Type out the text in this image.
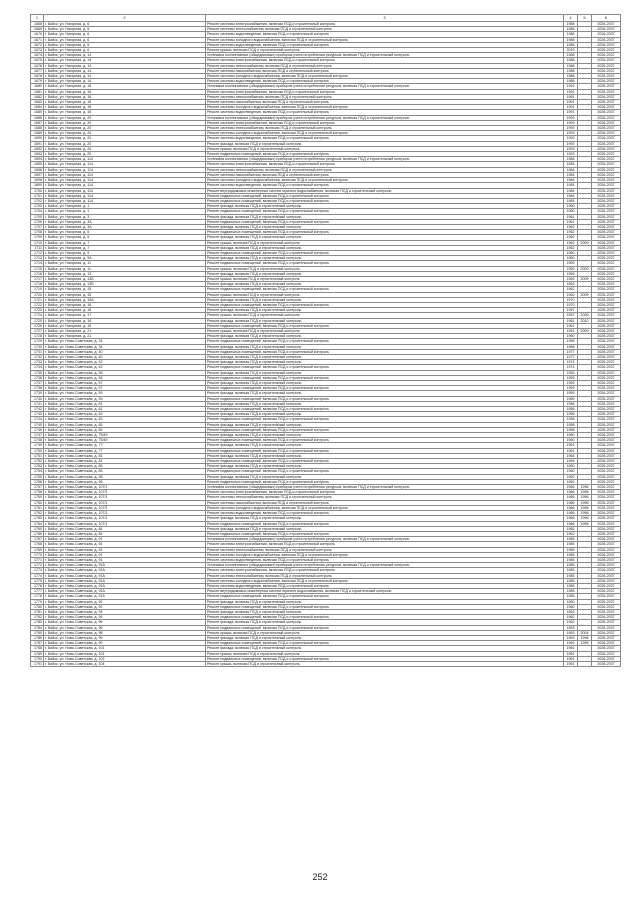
1	2	3	4	5	6	
1668	г. Бийск, ул. Нагорная, д. 6	Ремонт системы электроснабжения, включая ПСД и строительный контроль	1988		2026-2037	
1669	г. Бийск, ул. Нагорная, д. 6	Ремонт системы теплоснабжения, включая ПСД и строительный контроль	1988		2026-2037	
1670	г. Бийск, ул. Нагорная, д. 6	Ремонт системы водоотведения, включая ПСД и строительный контроль	1988		2026-2037	
1671	г. Бийск, ул. Нагорная, д. 6	Ремонт системы холодного водоснабжения, включая ПСД и строительный контроль	1988		2026-2037	
1672	г. Бийск, ул. Нагорная, д. 6	Ремонт системы водоотведения, включая ПСД и строительный контроль	1988		2026-2037	
1673	г. Бийск, ул. Нагорная, д. 6	Ремонт крыши, включая ПСД и строительный контроль	2015		2026-2037	
1674	г. Бийск, ул. Нагорная, д. 14	Установка коллективных (общедомовых) приборов учета потребления ресурсов, включая ПСД и строительный контроль	1988		2026-2037	
1675	г. Бийск, ул. Нагорная, д. 14	Ремонт системы электроснабжения, включая ПСД и строительный контроль	1988		2026-2037	
1676	г. Бийск, ул. Нагорная, д. 14	Ремонт системы теплоснабжения, включая ПСД и строительный контроль	1988		2026-2037	
1677	г. Бийск, ул. Нагорная, д. 14	Ремонт системы газоснабжения, включая ПСД и строительный контроль	1988		2026-2037	
1678	г. Бийск, ул. Нагорная, д. 14	Ремонт системы холодного водоснабжения, включая ПСД и строительный контроль	1988		2026-2037	
1679	г. Бийск, ул. Нагорная, д. 14	Ремонт системы водоотведения, включая ПСД и строительный контроль	1988		2026-2037	
1680	г. Бийск, ул. Нагорная, д. 16	Установка коллективных (общедомовых) приборов учета потребления ресурсов, включая ПСД и строительный контроль	1991		2026-2037	
1681	г. Бийск, ул. Нагорная, д. 16	Ремонт системы электроснабжения, включая ПСД и строительный контроль	1991		2026-2037	
1682	г. Бийск, ул. Нагорная, д. 16	Ремонт системы теплоснабжения, включая ПСД и строительный контроль	1991		2026-2037	
1683	г. Бийск, ул. Нагорная, д. 16	Ремонт системы газоснабжения, включая ПСД и строительный контроль	1991		2026-2037	
1684	г. Бийск, ул. Нагорная, д. 16	Ремонт системы холодного водоснабжения, включая ПСД и строительный контроль	1991		2026-2037	
1685	г. Бийск, ул. Нагорная, д. 16	Ремонт системы водоотведения, включая ПСД и строительный контроль	1991		2026-2037	
1686	г. Бийск, ул. Нагорная, д. 20	Установка коллективных (общедомовых) приборов учета потребления ресурсов, включая ПСД и строительный контроль	1993		2026-2037	
1687	г. Бийск, ул. Нагорная, д. 20	Ремонт системы электроснабжения, включая ПСД и строительный контроль	1993		2026-2037	
1688	г. Бийск, ул. Нагорная, д. 20	Ремонт системы теплоснабжения, включая ПСД и строительный контроль	1993		2026-2037	
1689	г. Бийск, ул. Нагорная, д. 20	Ремонт системы холодного водоснабжения, включая ПСД и строительный контроль	1993		2026-2037	
1690	г. Бийск, ул. Нагорная, д. 20	Ремонт системы водоотведения, включая ПСД и строительный контроль	1993		2026-2037	
1691	г. Бийск, ул. Нагорная, д. 20	Ремонт фасада, включая ПСД и строительный контроль	1993		2026-2037	
1692	г. Бийск, ул. Нагорная, д. 20	Ремонт крыши, включая ПСД и строительный контроль	1993		2026-2037	
1693	г. Бийск, ул. Нагорная, д. 20	Ремонт подвальных помещений, включая ПСД и строительный контроль	1993		2026-2037	
1694	г. Бийск, ул. Нагорная, д. 114	Установка коллективных (общедомовых) приборов учета потребления ресурсов, включая ПСД и строительный контроль	1984		2026-2037	
1695	г. Бийск, ул. Нагорная, д. 114	Ремонт системы электроснабжения, включая ПСД и строительный контроль	1984		2026-2037	
1696	г. Бийск, ул. Нагорная, д. 114	Ремонт системы теплоснабжения, включая ПСД и строительный контроль	1984		2026-2037	
1697	г. Бийск, ул. Нагорная, д. 114	Ремонт системы газоснабжения, включая ПСД и строительный контроль	1984		2026-2037	
1698	г. Бийск, ул. Нагорная, д. 114	Ремонт системы холодного водоснабжения, включая ПСД и строительный контроль	1984		2026-2037	
1699	г. Бийск, ул. Нагорная, д. 114	Ремонт системы водоотведения, включая ПСД и строительный контроль	1984		2026-2037	
1700	г. Бийск, ул. Нагорная, д. 114	Ремонт внутридомовых инженерных систем горячего водоснабжения, включая ПСД и строительный контроль	1984		2026-2037	
1701	г. Бийск, ул. Нагорная, д. 114	Ремонт подвальных помещений, включая ПСД и строительный контроль	1984		2026-2037	
1702	г. Бийск, ул. Нагорная, д. 114	Ремонт подвальных помещений, включая ПСД и строительный контроль	1984		2026-2037	
1703	г. Бийск, ул. Нагорная, д. 1	Ремонт фасада, включая ПСД и строительный контроль	1960		2026-2037	
1704	г. Бийск, ул. Нагорная, д. 1	Ремонт подвальных помещений, включая ПСД и строительный контроль	1960		2026-2037	
1705	г. Бийск, ул. Нагорная, д. 3	Ремонт фасада, включая ПСД и строительный контроль	1961		2026-2037	
1706	г. Бийск, ул. Нагорная, д. 3А	Ремонт подвальных помещений, включая ПСД и строительный контроль	1961		2026-2037	
1707	г. Бийск, ул. Нагорная, д. 3А	Ремонт фасада, включая ПСД и строительный контроль	1962		2026-2037	
1708	г. Бийск, ул. Нагорная, д. 5	Ремонт подвальных помещений, включая ПСД и строительный контроль	1962		2026-2037	
1709	г. Бийск, ул. Нагорная, д. 5	Ремонт фасада, включая ПСД и строительный контроль	1962		2026-2037	
1710	г. Бийск, ул. Нагорная, д. 7	Ремонт крыши, включая ПСД и строительный контроль	1962	2009	2026-2037	
1711	г. Бийск, ул. Нагорная, д. 7	Ремонт фасада, включая ПСД и строительный контроль	1962		2026-2037	
1712	г. Бийск, ул. Нагорная, д. 9	Ремонт подвальных помещений, включая ПСД и строительный контроль	1960		2026-2037	
1713	г. Бийск, ул. Нагорная, д. 9А	Ремонт фасада, включая ПСД и строительный контроль	1960		2026-2037	
1714	г. Бийск, ул. Нагорная, д. 11	Ремонт подвальных помещений, включая ПСД и строительный контроль	1959		2026-2037	
1715	г. Бийск, ул. Нагорная, д. 11	Ремонт крыши, включая ПСД и строительный контроль	1959	2009	2026-2037	
1716	г. Бийск, ул. Нагорная, д. 13	Ремонт фасада, включая ПСД и строительный контроль	1959		2026-2037	
1717	г. Бийск, ул. Нагорная, д. 13Б	Ремонт крыши, включая ПСД и строительный контроль	1962	2009	2026-2037	
1718	г. Бийск, ул. Нагорная, д. 13Б	Ремонт фасада, включая ПСД и строительный контроль	1962		2026-2037	
1719	г. Бийск, ул. Нагорная, д. 15	Ремонт подвальных помещений, включая ПСД и строительный контроль	1962		2026-2037	
1720	г. Бийск, ул. Нагорная, д. 15	Ремонт крыши, включая ПСД и строительный контроль	1962	2009	2026-2037	
1721	г. Бийск, ул. Нагорная, д. 15А	Ремонт фасада, включая ПСД и строительный контроль	1970		2026-2037	
1722	г. Бийск, ул. Нагорная, д. 16	Ремонт подвальных помещений, включая ПСД и строительный контроль	1970		2026-2037	
1723	г. Бийск, ул. Нагорная, д. 16	Ремонт фасада, включая ПСД и строительный контроль	1957		2026-2037	
1724	г. Бийск, ул. Нагорная, д. 17	Ремонт крыши, включая ПСД и строительный контроль	1957	2009	2026-2037	
1725	г. Бийск, ул. Нагорная, д. 19	Ремонт фасада, включая ПСД и строительный контроль	1961	2010	2026-2037	
1726	г. Бийск, ул. Нагорная, д. 19	Ремонт подвальных помещений, включая ПСД и строительный контроль	1961		2026-2037	
1727	г. Бийск, ул. Нагорная, д. 21	Ремонт крыши, включая ПСД и строительный контроль	1961	2009	2026-2037	
1728	г. Бийск, ул. Нагорная, д. 21	Ремонт фасада, включая ПСД и строительный контроль	1960		2026-2037	
1729	г. Бийск, ул. Ново-Советская, д. 34	Ремонт подвальных помещений, включая ПСД и строительный контроль	1958		2026-2037	
1730	г. Бийск, ул. Ново-Советская, д. 34	Ремонт фасада, включая ПСД и строительный контроль	1958		2026-2037	
1731	г. Бийск, ул. Ново-Советская, д. 40	Ремонт подвальных помещений, включая ПСД и строительный контроль	1977		2026-2037	
1732	г. Бийск, ул. Ново-Советская, д. 40	Ремонт фасада, включая ПСД и строительный контроль	1977		2026-2037	
1733	г. Бийск, ул. Ново-Советская, д. 42	Ремонт фасада, включая ПСД и строительный контроль	1974		2026-2037	
1734	г. Бийск, ул. Ново-Советская, д. 42	Ремонт подвальных помещений, включая ПСД и строительный контроль	1974		2026-2037	
1735	г. Бийск, ул. Ново-Советская, д. 55	Ремонт фасада, включая ПСД и строительный контроль	1955		2026-2037	
1736	г. Бийск, ул. Ново-Советская, д. 55	Ремонт подвальных помещений, включая ПСД и строительный контроль	1955		2026-2037	
1737	г. Бийск, ул. Ново-Советская, д. 57	Ремонт фасада, включая ПСД и строительный контроль	1959		2026-2037	
1738	г. Бийск, ул. Ново-Советская, д. 57	Ремонт подвальных помещений, включая ПСД и строительный контроль	1959		2026-2037	
1739	г. Бийск, ул. Ново-Советская, д. 59	Ремонт фасада, включая ПСД и строительный контроль	1959		2026-2037	
1740	г. Бийск, ул. Ново-Советская, д. 59	Ремонт подвальных помещений, включая ПСД и строительный контроль	1959		2026-2037	
1741	г. Бийск, ул. Ново-Советская, д. 61	Ремонт фасада, включая ПСД и строительный контроль	1956		2026-2037	
1742	г. Бийск, ул. Ново-Советская, д. 61	Ремонт подвальных помещений, включая ПСД и строительный контроль	1956		2026-2037	
1743	г. Бийск, ул. Ново-Советская, д. 63	Ремонт фасада, включая ПСД и строительный контроль	1956		2026-2037	
1744	г. Бийск, ул. Ново-Советская, д. 63	Ремонт подвальных помещений, включая ПСД и строительный контроль	1956		2026-2037	
1745	г. Бийск, ул. Ново-Советская, д. 65	Ремонт фасада, включая ПСД и строительный контроль	1958		2026-2037	
1746	г. Бийск, ул. Ново-Советская, д. 65	Ремонт подвальных помещений, включая ПСД и строительный контроль	1958		2026-2037	
1747	г. Бийск, ул. Ново-Советская, д. 75/49	Ремонт фасада, включая ПСД и строительный контроль	1960		2026-2037	
1748	г. Бийск, ул. Ново-Советская, д. 75/49	Ремонт подвальных помещений, включая ПСД и строительный контроль	1960		2026-2037	
1749	г. Бийск, ул. Ново-Советская, д. 77	Ремонт фасада, включая ПСД и строительный контроль	1961		2026-2037	
1750	г. Бийск, ул. Ново-Советская, д. 77	Ремонт подвальных помещений, включая ПСД и строительный контроль	1961		2026-2037	
1751	г. Бийск, ул. Ново-Советская, д. 81	Ремонт фасада, включая ПСД и строительный контроль	1964		2026-2037	
1752	г. Бийск, ул. Ново-Советская, д. 81	Ремонт подвальных помещений, включая ПСД и строительный контроль	1964		2026-2037	
1753	г. Бийск, ул. Ново-Советская, д. 85	Ремонт фасада, включая ПСД и строительный контроль	1960		2026-2037	
1754	г. Бийск, ул. Ново-Советская, д. 85	Ремонт подвальных помещений, включая ПСД и строительный контроль	1960		2026-2037	
1755	г. Бийск, ул. Ново-Советская, д. 98	Ремонт фасада, включая ПСД и строительный контроль	1962		2026-2037	
1756	г. Бийск, ул. Ново-Советская, д. 98	Ремонт подвальных помещений, включая ПСД и строительный контроль	1962		2026-2037	
1757	г. Бийск, ул. Ново-Советская, д. 107/1	Установка коллективных (общедомовых) приборов учета потребления ресурсов, включая ПСД и строительный контроль	1966	1996	2026-2037	
1758	г. Бийск, ул. Ново-Советская, д. 107/1	Ремонт системы электроснабжения, включая ПСД и строительный контроль	1966	1996	2026-2037	
1759	г. Бийск, ул. Ново-Советская, д. 107/1	Ремонт системы теплоснабжения, включая ПСД и строительный контроль	1966	1996	2026-2037	
1760	г. Бийск, ул. Ново-Советская, д. 107/1	Ремонт системы газоснабжения, включая ПСД и строительный контроль	1966	1996	2026-2037	
1761	г. Бийск, ул. Ново-Советская, д. 107/1	Ремонт системы холодного водоснабжения, включая ПСД и строительный контроль	1966	1996	2026-2037	
1762	г. Бийск, ул. Ново-Советская, д. 107/1	Ремонт системы водоотведения, включая ПСД и строительный контроль	1966	1996	2026-2037	
1763	г. Бийск, ул. Ново-Советская, д. 107/1	Ремонт фасада, включая ПСД и строительный контроль	1966	1996	2026-2037	
1764	г. Бийск, ул. Ново-Советская, д. 107/1	Ремонт подвальных помещений, включая ПСД и строительный контроль	1966	1996	2026-2037	
1765	г. Бийск, ул. Ново-Советская, д. 84	Ремонт фасада, включая ПСД и строительный контроль	1962		2026-2037	
1766	г. Бийск, ул. Ново-Советская, д. 84	Ремонт подвальных помещений, включая ПСД и строительный контроль	1962		2026-2037	
1767	г. Бийск, ул. Ново-Советская, д. 91	Установка коллективных (общедомовых) приборов учета потребления ресурсов, включая ПСД и строительный контроль	1985		2026-2037	
1768	г. Бийск, ул. Ново-Советская, д. 91	Ремонт системы электроснабжения, включая ПСД и строительный контроль	1985		2026-2037	
1769	г. Бийск, ул. Ново-Советская, д. 91	Ремонт системы теплоснабжения, включая ПСД и строительный контроль	1985		2026-2037	
1770	г. Бийск, ул. Ново-Советская, д. 91	Ремонт системы холодного водоснабжения, включая ПСД и строительный контроль	1985		2026-2037	
1771	г. Бийск, ул. Ново-Советская, д. 91	Ремонт системы водоотведения, включая ПСД и строительный контроль	1985		2026-2037	
1772	г. Бийск, ул. Ново-Советская, д. 91А	Установка коллективных (общедомовых) приборов учета потребления ресурсов, включая ПСД и строительный контроль	1985		2026-2037	
1773	г. Бийск, ул. Ново-Советская, д. 91А	Ремонт системы электроснабжения, включая ПСД и строительный контроль	1985		2026-2037	
1774	г. Бийск, ул. Ново-Советская, д. 91А	Ремонт системы теплоснабжения, включая ПСД и строительный контроль	1985		2026-2037	
1775	г. Бийск, ул. Ново-Советская, д. 91А	Ремонт системы холодного водоснабжения, включая ПСД и строительный контроль	1985		2026-2037	
1776	г. Бийск, ул. Ново-Советская, д. 91А	Ремонт системы водоотведения, включая ПСД и строительный контроль	1985		2026-2037	
1777	г. Бийск, ул. Ново-Советская, д. 91А	Ремонт внутридомовых инженерных систем горячего водоснабжения, включая ПСД и строительный контроль	1985		2026-2037	
1778	г. Бийск, ул. Ново-Советская, д. 91А	Ремонт подвальных помещений, включая ПСД и строительный контроль	1985		2026-2037	
1779	г. Бийск, ул. Ново-Советская, д. 92	Ремонт фасада, включая ПСД и строительный контроль	1960		2026-2037	
1780	г. Бийск, ул. Ново-Советская, д. 92	Ремонт подвальных помещений, включая ПСД и строительный контроль	1960		2026-2037	
1781	г. Бийск, ул. Ново-Советская, д. 94	Ремонт фасада, включая ПСД и строительный контроль	1962		2026-2037	
1782	г. Бийск, ул. Ново-Советская, д. 94	Ремонт подвальных помещений, включая ПСД и строительный контроль	1962		2026-2037	
1783	г. Бийск, ул. Ново-Советская, д. 96	Ремонт фасада, включая ПСД и строительный контроль	1963		2026-2037	
1784	г. Бийск, ул. Ново-Советская, д. 96	Ремонт подвальных помещений, включая ПСД и строительный контроль	1963		2026-2037	
1785	г. Бийск, ул. Ново-Советская, д. 98	Ремонт крыши, включая ПСД и строительный контроль	1963	2004	2026-2037	
1786	г. Бийск, ул. Ново-Советская, д. 99	Ремонт фасада, включая ПСД и строительный контроль	1963	1996	2026-2037	
1787	г. Бийск, ул. Ново-Советская, д. 99	Ремонт подвальных помещений, включая ПСД и строительный контроль	1963	1996	2026-2037	
1788	г. Бийск, ул. Ново-Советская, д. 101	Ремонт фасада, включая ПСД и строительный контроль	1961		2026-2037	
1789	г. Бийск, ул. Ново-Советская, д. 101	Ремонт крыши, включая ПСД и строительный контроль	1961		2026-2037	
1790	г. Бийск, ул. Ново-Советская, д. 102	Ремонт подвальных помещений, включая ПСД и строительный контроль	1961		2026-2037	
1791	г. Бийск, ул. Ново-Советская, д. 104	Ремонт крыши, включая ПСД и строительный контроль	1961		2026-2037	
252
